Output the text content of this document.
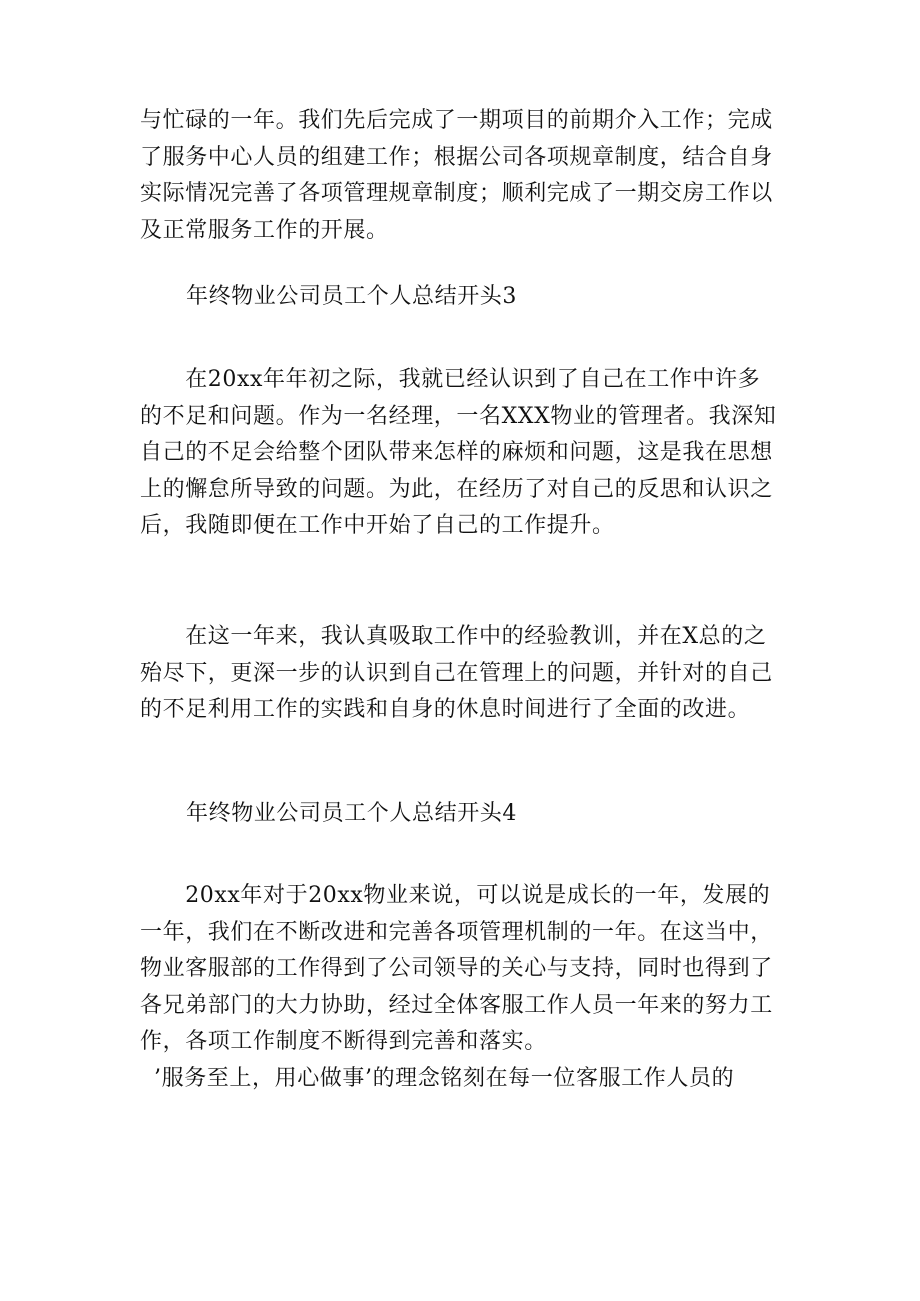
与忙碌的一年。我们先后完成了一期项目的前期介入工作；完成
了服务中心人员的组建工作；根据公司各项规章制度，结合自身
实际情况完善了各项管理规章制度；顺利完成了一期交房工作以
及正常服务工作的开展。

年终物业公司员工个人总结开头3

　　在20xx年年初之际，我就已经认识到了自己在工作中许多
的不足和问题。作为一名经理，一名XXX物业的管理者。我深知
自己的不足会给整个团队带来怎样的麻烦和问题，这是我在思想
上的懈怠所导致的问题。为此，在经历了对自己的反思和认识之
后，我随即便在工作中开始了自己的工作提升。

　　在这一年来，我认真吸取工作中的经验教训，并在X总的之
殆尽下，更深一步的认识到自己在管理上的问题，并针对的自己
的不足利用工作的实践和自身的休息时间进行了全面的改进。

年终物业公司员工个人总结开头4

　　20xx年对于20xx物业来说，可以说是成长的一年，发展的
一年，我们在不断改进和完善各项管理机制的一年。在这当中，
物业客服部的工作得到了公司领导的关心与支持，同时也得到了
各兄弟部门的大力协助，经过全体客服工作人员一年来的努力工
作，各项工作制度不断得到完善和落实。
’服务至上，用心做事’的理念铭刻在每一位客服工作人员的
